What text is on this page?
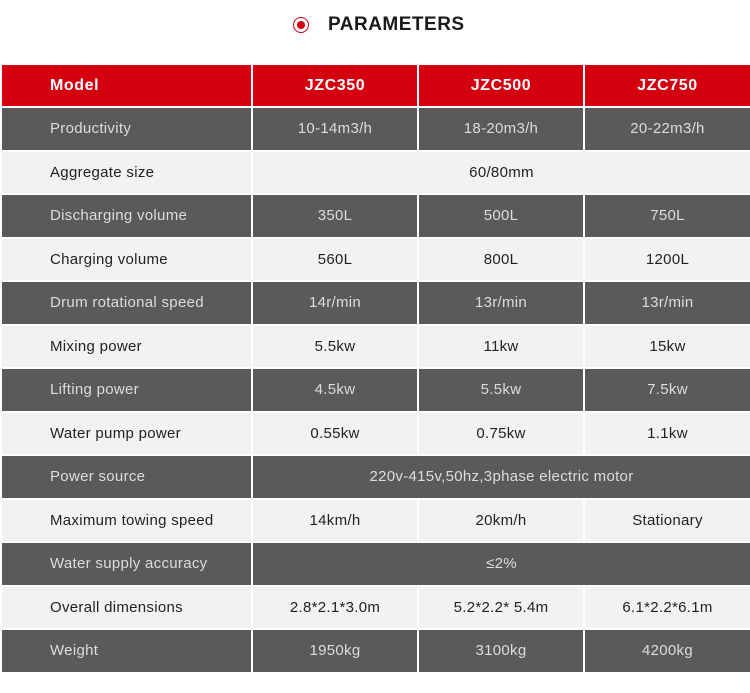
PARAMETERS
Model	JZC350	JZC500	JZC750
Productivity	10-14m3/h	18-20m3/h	20-22m3/h
Aggregate size	60/80mm		
Discharging volume	350L	500L	750L
Charging volume	560L	800L	1200L
Drum rotational speed	14r/min	13r/min	13r/min
Mixing power	5.5kw	11kw	15kw
Lifting power	4.5kw	5.5kw	7.5kw
Water pump power	0.55kw	0.75kw	1.1kw
Power source	220v-415v,50hz,3phase electric motor		
Maximum towing speed	14km/h	20km/h	Stationary
Water supply accuracy	≤2%		
Overall dimensions	2.8*2.1*3.0m	5.2*2.2* 5.4m	6.1*2.2*6.1m
Weight	1950kg	3100kg	4200kg
